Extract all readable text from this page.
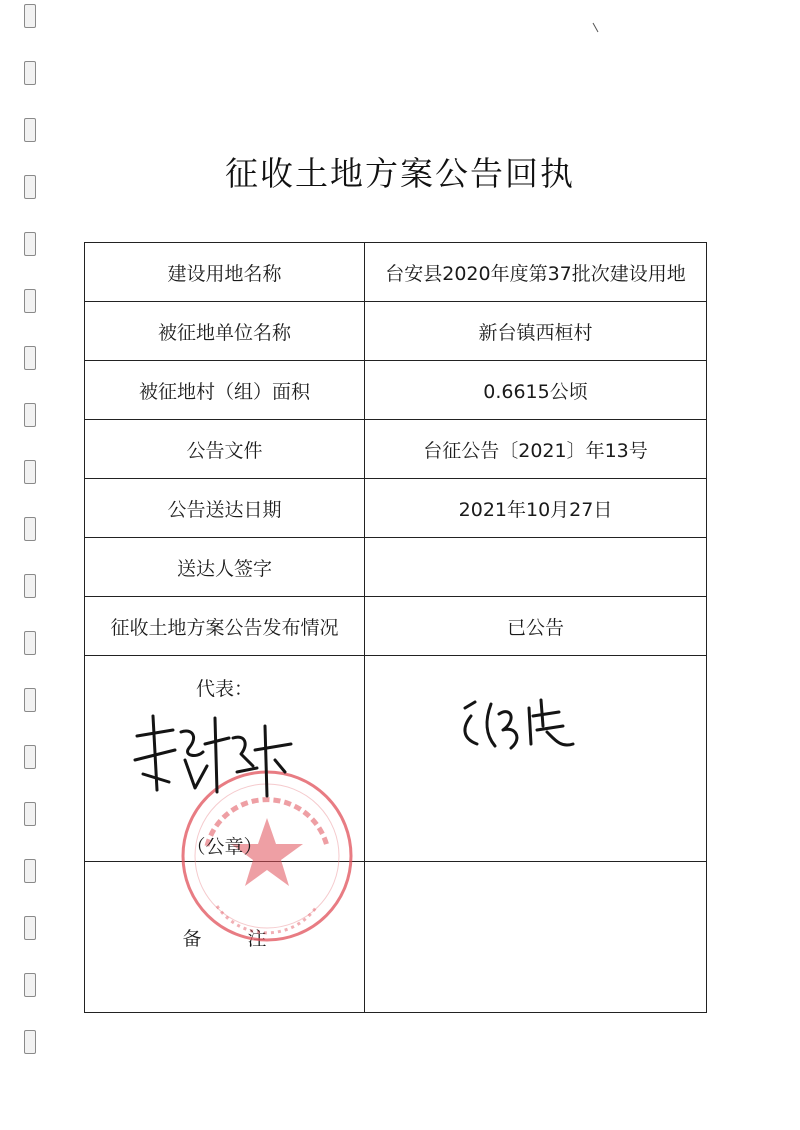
征收土地方案公告回执
建设用地名称	台安县2020年度第37批次建设用地
被征地单位名称	新台镇西桓村
被征地村（组）面积	0.6615公顷
公告文件	台征公告〔2021〕年13号
公告送达日期	2021年10月27日
送达人签字	
征收土地方案公告发布情况	已公告

代表：
（公章）

备注	
